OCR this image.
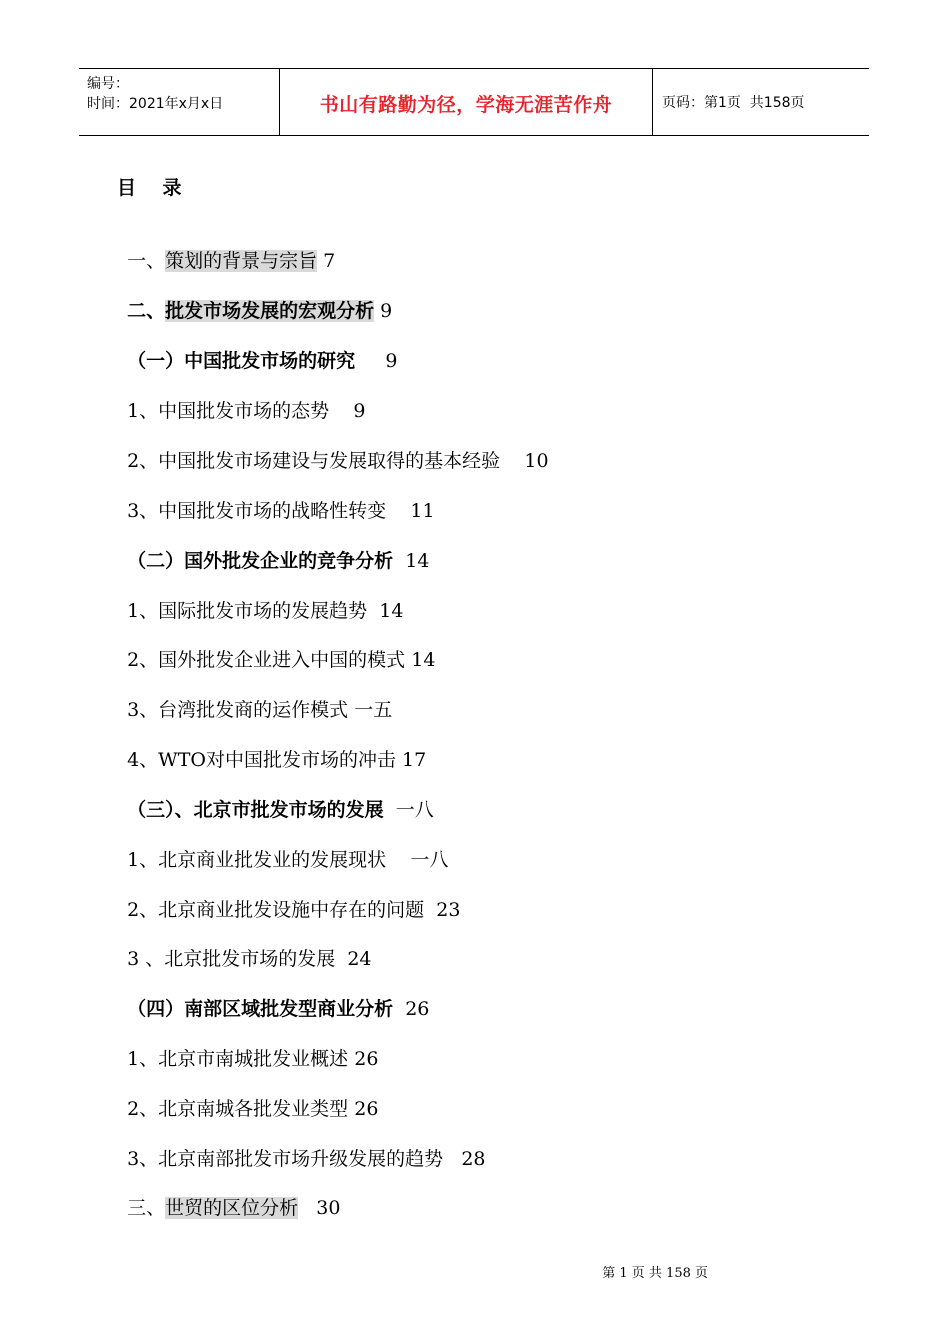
编号：
时间：2021年x月x日	书山有路勤为径，学海无涯苦作舟	页码：第1页  共158页
目    录

一、策划的背景与宗旨 7

二、批发市场发展的宏观分析 9

（一）中国批发市场的研究 9

1、中国批发市场的态势 9

2、中国批发市场建设与发展取得的基本经验 10

3、中国批发市场的战略性转变 11

（二）国外批发企业的竞争分析 14

1、国际批发市场的发展趋势 14

2、国外批发企业进入中国的模式 14

3、台湾批发商的运作模式 一五

4、WTO对中国批发市场的冲击 17

（三）、北京市批发市场的发展 一八

1、北京商业批发业的发展现状 一八

2、北京商业批发设施中存在的问题 23

3 、北京批发市场的发展 24

（四）南部区域批发型商业分析 26

1、北京市南城批发业概述 26

2、北京南城各批发业类型 26

3、北京南部批发市场升级发展的趋势 28

三、世贸的区位分析 30

第 1 页 共 158 页
